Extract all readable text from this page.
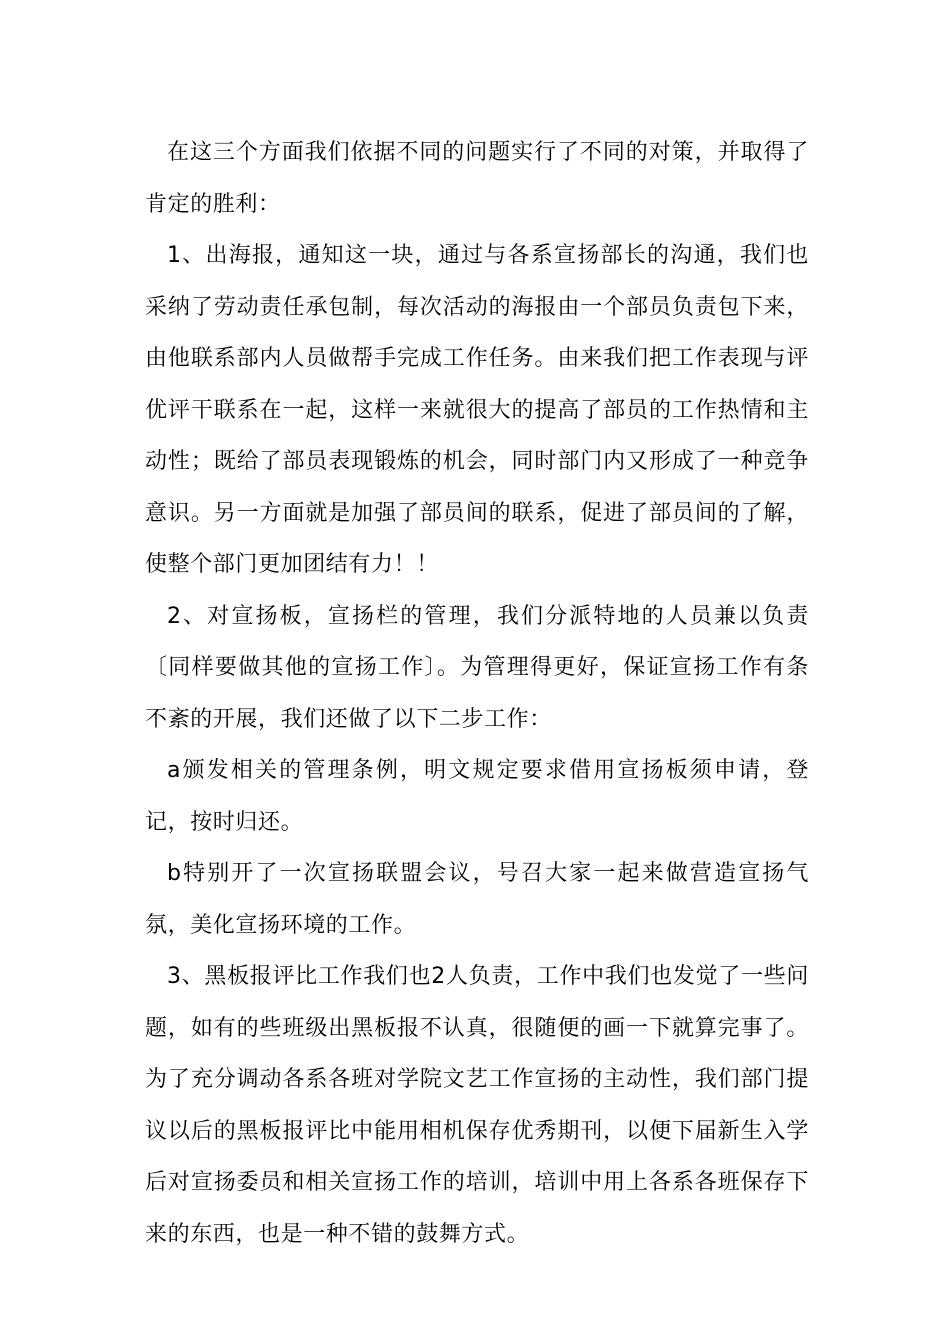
在这三个方面我们依据不同的问题实行了不同的对策，并取得了肯定的胜利：

1、出海报，通知这一块，通过与各系宣扬部长的沟通，我们也采纳了劳动责任承包制，每次活动的海报由一个部员负责包下来，由他联系部内人员做帮手完成工作任务。由来我们把工作表现与评优评干联系在一起，这样一来就很大的提高了部员的工作热情和主动性；既给了部员表现锻炼的机会，同时部门内又形成了一种竞争意识。另一方面就是加强了部员间的联系，促进了部员间的了解，使整个部门更加团结有力！！

2、对宣扬板，宣扬栏的管理，我们分派特地的人员兼以负责〔同样要做其他的宣扬工作〕。为管理得更好，保证宣扬工作有条不紊的开展，我们还做了以下二步工作：

a颁发相关的管理条例，明文规定要求借用宣扬板须申请，登记，按时归还。

b特别开了一次宣扬联盟会议，号召大家一起来做营造宣扬气氛，美化宣扬环境的工作。

3、黑板报评比工作我们也2人负责，工作中我们也发觉了一些问题，如有的些班级出黑板报不认真，很随便的画一下就算完事了。为了充分调动各系各班对学院文艺工作宣扬的主动性，我们部门提议以后的黑板报评比中能用相机保存优秀期刊，以便下届新生入学后对宣扬委员和相关宣扬工作的培训，培训中用上各系各班保存下来的东西，也是一种不错的鼓舞方式。
